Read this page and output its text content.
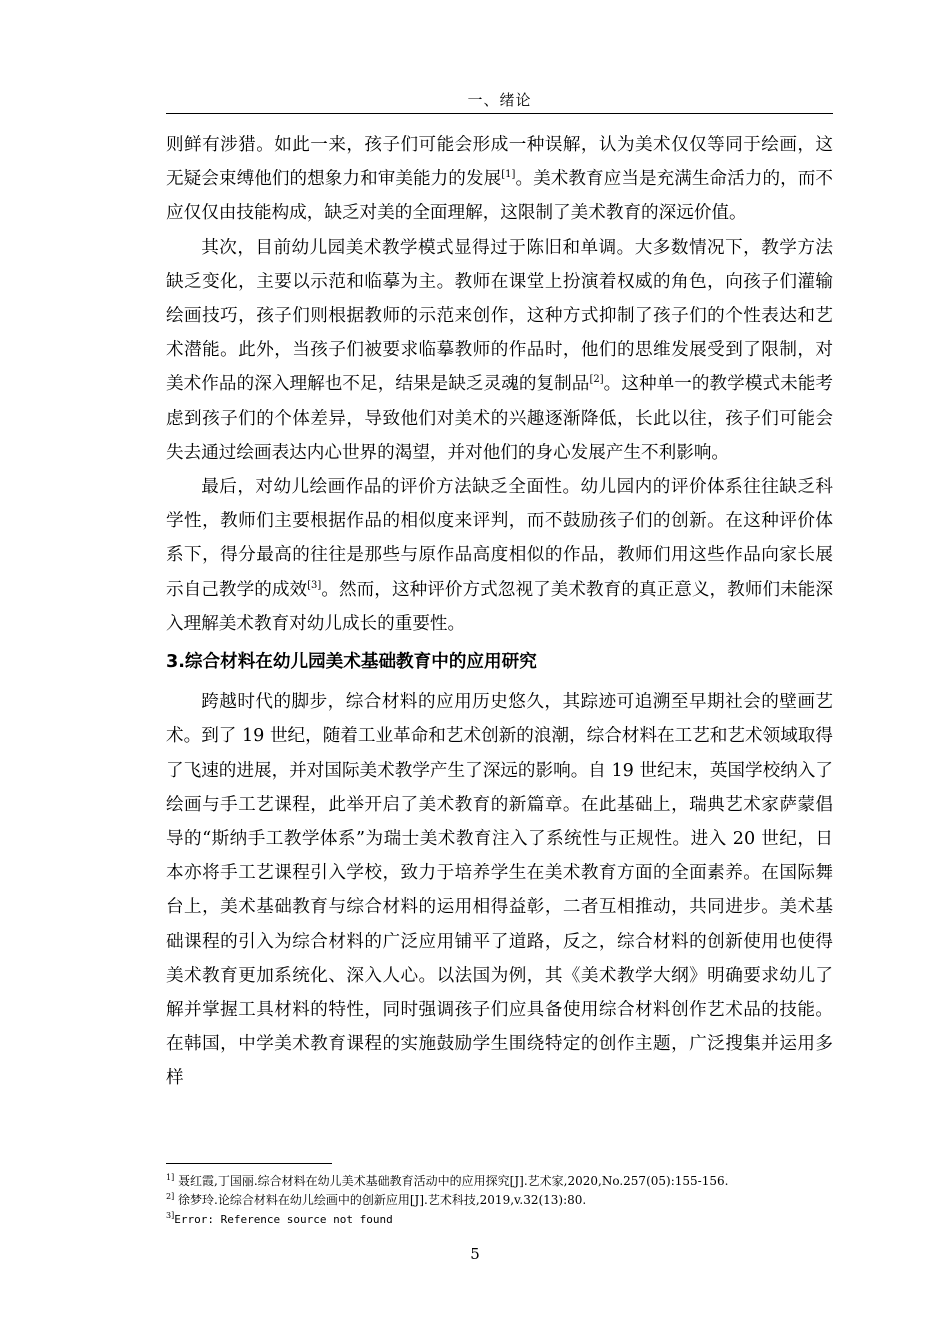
一、绪论

则鲜有涉猎。如此一来，孩子们可能会形成一种误解，认为美术仅仅等同于绘画，这无疑会束缚他们的想象力和审美能力的发展[1]。美术教育应当是充满生命活力的，而不应仅仅由技能构成，缺乏对美的全面理解，这限制了美术教育的深远价值。

其次，目前幼儿园美术教学模式显得过于陈旧和单调。大多数情况下，教学方法缺乏变化，主要以示范和临摹为主。教师在课堂上扮演着权威的角色，向孩子们灌输绘画技巧，孩子们则根据教师的示范来创作，这种方式抑制了孩子们的个性表达和艺术潜能。此外，当孩子们被要求临摹教师的作品时，他们的思维发展受到了限制，对美术作品的深入理解也不足，结果是缺乏灵魂的复制品[2]。这种单一的教学模式未能考虑到孩子们的个体差异，导致他们对美术的兴趣逐渐降低，长此以往，孩子们可能会失去通过绘画表达内心世界的渴望，并对他们的身心发展产生不利影响。

最后，对幼儿绘画作品的评价方法缺乏全面性。幼儿园内的评价体系往往缺乏科学性，教师们主要根据作品的相似度来评判，而不鼓励孩子们的创新。在这种评价体系下，得分最高的往往是那些与原作品高度相似的作品，教师们用这些作品向家长展示自己教学的成效[3]。然而，这种评价方式忽视了美术教育的真正意义，教师们未能深入理解美术教育对幼儿成长的重要性。

3.综合材料在幼儿园美术基础教育中的应用研究

跨越时代的脚步，综合材料的应用历史悠久，其踪迹可追溯至早期社会的壁画艺术。到了 19 世纪，随着工业革命和艺术创新的浪潮，综合材料在工艺和艺术领域取得了飞速的进展，并对国际美术教学产生了深远的影响。自 19 世纪末，英国学校纳入了绘画与手工艺课程，此举开启了美术教育的新篇章。在此基础上，瑞典艺术家萨蒙倡导的“斯纳手工教学体系”为瑞士美术教育注入了系统性与正规性。进入 20 世纪，日本亦将手工艺课程引入学校，致力于培养学生在美术教育方面的全面素养。在国际舞台上，美术基础教育与综合材料的运用相得益彰，二者互相推动，共同进步。美术基础课程的引入为综合材料的广泛应用铺平了道路，反之，综合材料的创新使用也使得美术教育更加系统化、深入人心。以法国为例，其《美术教学大纲》明确要求幼儿了解并掌握工具材料的特性，同时强调孩子们应具备使用综合材料创作艺术品的技能。在韩国，中学美术教育课程的实施鼓励学生围绕特定的创作主题，广泛搜集并运用多样

$^{1]}$ 聂红霞,丁国丽.综合材料在幼儿美术基础教育活动中的应用探究[J].艺术家,2020,No.257(05):155-156.

$^{2]}$ 徐梦玲.论综合材料在幼儿绘画中的创新应用[J].艺术科技,2019,v.32(13):80.

$^{3]}$Error: Reference source not found

5
